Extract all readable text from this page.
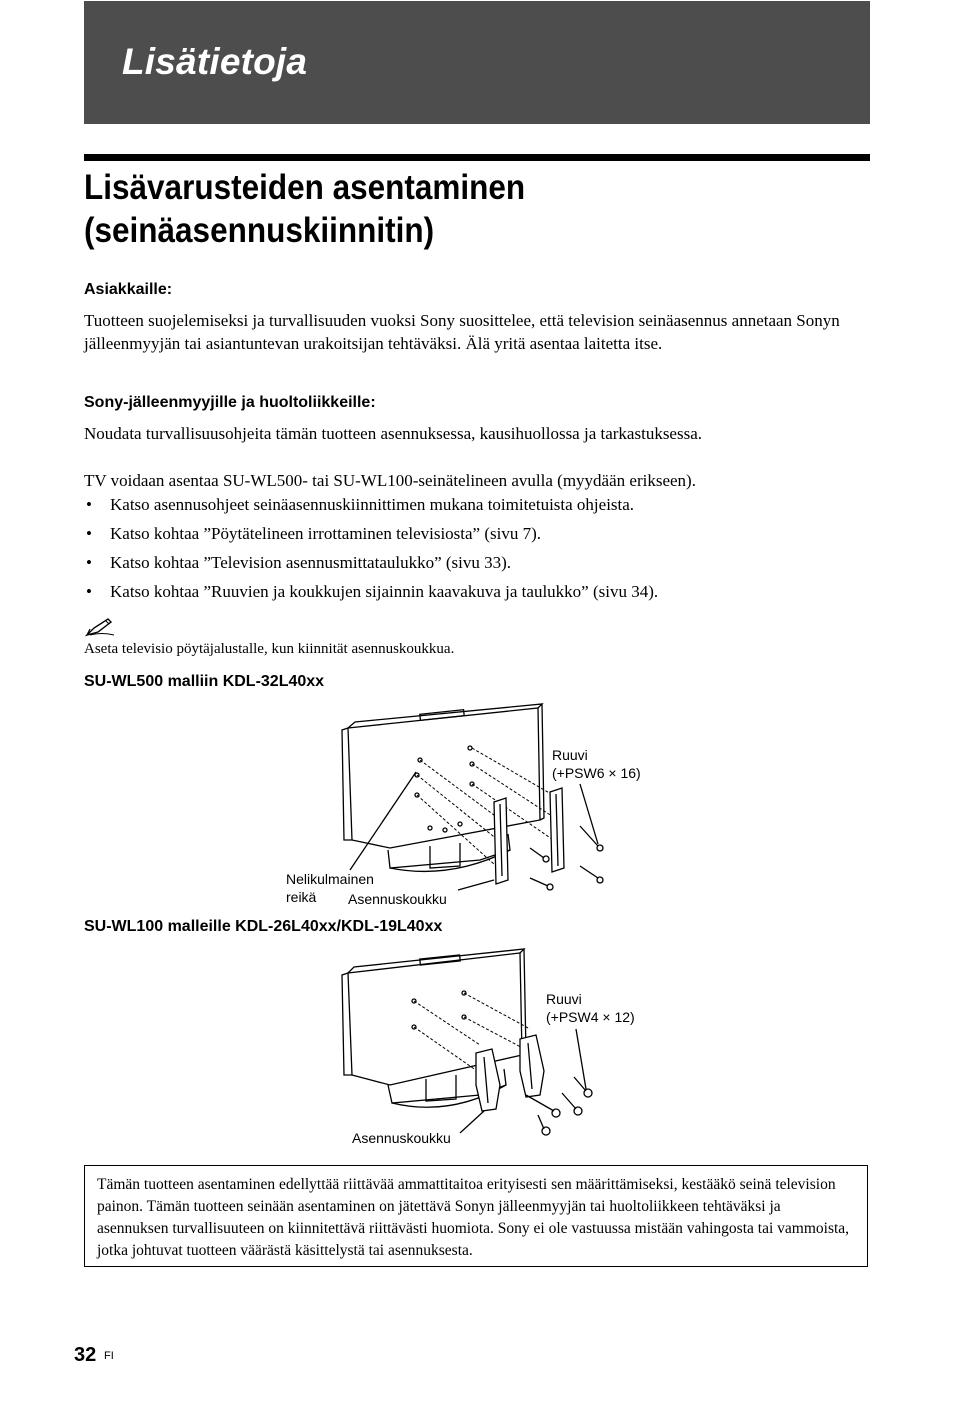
Lisätietoja
Lisävarusteiden asentaminen
(seinäasennuskiinnitin)
Asiakkaille:
Tuotteen suojelemiseksi ja turvallisuuden vuoksi Sony suosittelee, että television seinäasennus annetaan Sonyn jälleenmyyjän tai asiantuntevan urakoitsijan tehtäväksi. Älä yritä asentaa laitetta itse.
Sony-jälleenmyyjille ja huoltoliikkeille:
Noudata turvallisuusohjeita tämän tuotteen asennuksessa, kausihuollossa ja tarkastuksessa.
TV voidaan asentaa SU-WL500- tai SU-WL100-seinätelineen avulla (myydään erikseen).
• Katso asennusohjeet seinäasennuskiinnittimen mukana toimitetuista ohjeista.
• Katso kohtaa ”Pöytätelineen irrottaminen televisiosta” (sivu 7).
• Katso kohtaa ”Television asennusmittataulukko” (sivu 33).
• Katso kohtaa ”Ruuvien ja koukkujen sijainnin kaavakuva ja taulukko” (sivu 34).
Aseta televisio pöytäjalustalle, kun kiinnität asennuskoukkua.
SU-WL500 malliin KDL-32L40xx
Ruuvi
(+PSW6 × 16)
Nelikulmainen
reikä Asennuskoukku
SU-WL100 malleille KDL-26L40xx/KDL-19L40xx
Ruuvi
(+PSW4 × 12)
Asennuskoukku
Tämän tuotteen asentaminen edellyttää riittävää ammattitaitoa erityisesti sen määrittämiseksi, kestääkö seinä television painon. Tämän tuotteen seinään asentaminen on jätettävä Sonyn jälleenmyyjän tai huoltoliikkeen tehtäväksi ja asennuksen turvallisuuteen on kiinnitettävä riittävästi huomiota. Sony ei ole vastuussa mistään vahingosta tai vammoista, jotka johtuvat tuotteen väärästä käsittelystä tai asennuksesta.
32 FI
